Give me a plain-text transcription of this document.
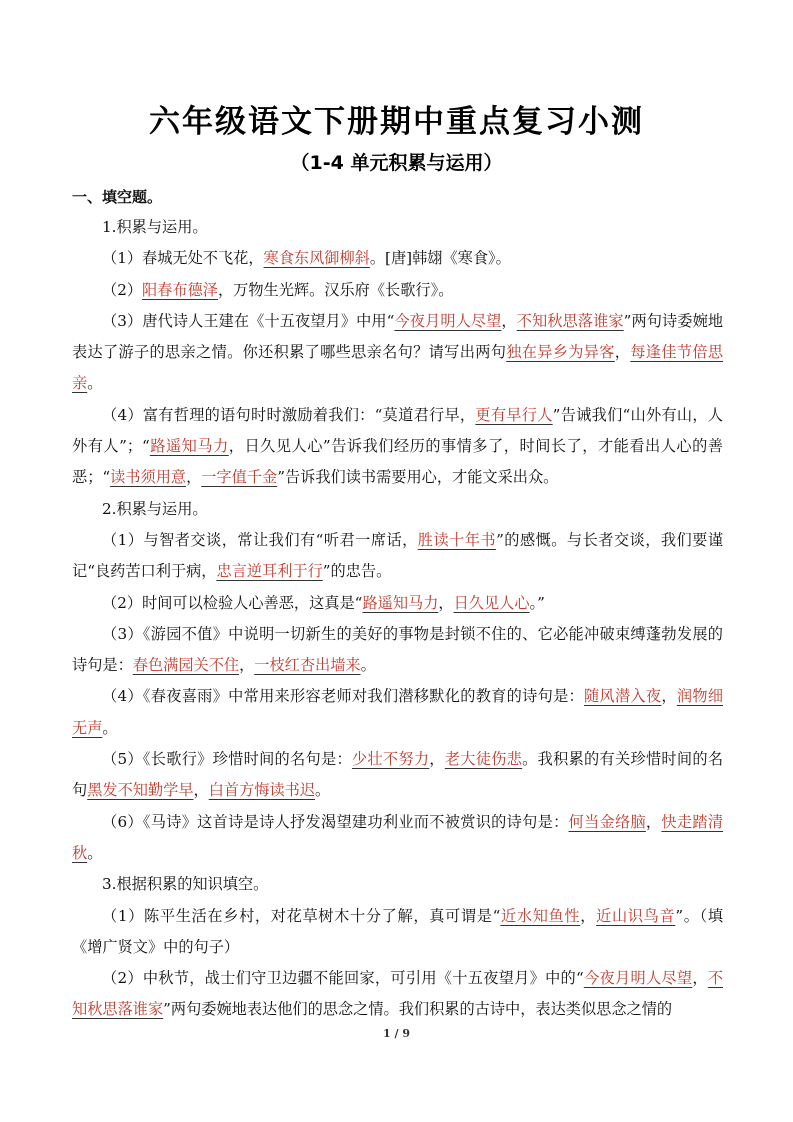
六年级语文下册期中重点复习小测
（1-4 单元积累与运用）
一、填空题。

1.积累与运用。

（1）春城无处不飞花，寒食东风御柳斜。[唐]韩翃《寒食》。

（2）阳春布德泽，万物生光辉。汉乐府《长歌行》。

（3）唐代诗人王建在《十五夜望月》中用“今夜月明人尽望，不知秋思落谁家”两句诗委婉地表达了游子的思亲之情。你还积累了哪些思亲名句？请写出两句独在异乡为异客，每逢佳节倍思亲。

（4）富有哲理的语句时时激励着我们：“莫道君行早，更有早行人”告诫我们“山外有山，人外有人”；“路遥知马力，日久见人心”告诉我们经历的事情多了，时间长了，才能看出人心的善恶；“读书须用意，一字值千金”告诉我们读书需要用心，才能文采出众。

2.积累与运用。

（1）与智者交谈，常让我们有“听君一席话，胜读十年书”的感慨。与长者交谈，我们要谨记“良药苦口利于病，忠言逆耳利于行”的忠告。

（2）时间可以检验人心善恶，这真是“路遥知马力，日久见人心。”

（3）《游园不值》中说明一切新生的美好的事物是封锁不住的、它必能冲破束缚蓬勃发展的诗句是：春色满园关不住，一枝红杏出墙来。

（4）《春夜喜雨》中常用来形容老师对我们潜移默化的教育的诗句是：随风潜入夜，润物细无声。

（5）《长歌行》珍惜时间的名句是：少壮不努力，老大徒伤悲。我积累的有关珍惜时间的名句黑发不知勤学早，白首方悔读书迟。

（6）《马诗》这首诗是诗人抒发渴望建功利业而不被赏识的诗句是：何当金络脑，快走踏清秋。

3.根据积累的知识填空。

（1）陈平生活在乡村，对花草树木十分了解，真可谓是“近水知鱼性，近山识鸟音”。（填《增广贤文》中的句子）

（2）中秋节，战士们守卫边疆不能回家，可引用《十五夜望月》中的“今夜月明人尽望，不知秋思落谁家”两句委婉地表达他们的思念之情。我们积累的古诗中，表达类似思念之情的

1 / 9
